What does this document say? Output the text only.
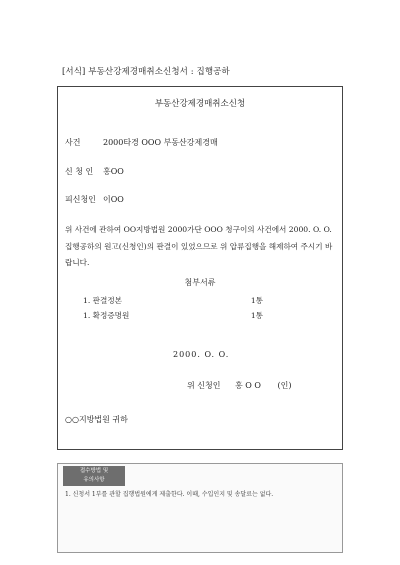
[서식] 부동산강제경매취소신청서 : 집행공하
부동산강제경매취소신청
사건	2000타경 OOO 부동산강제경매
신 청 인 홍OO
피신청인 이OO

위 사건에 관하여 OO지방법원 2000가단 OOO 청구이의 사건에서 2000. O. O.

집행공하의 원고(신청인)의 판결이 있었으므로 위 압류집행을 해제하여 주시기 바

랍니다.

첨부서류
1. 판결정본	1통
1. 확정증명원	1통
2000. O. O.
위 신청인 홍 O O (인)
○○지방법원 귀하
접수방법 및
유의사항
1. 신청서 1부를 관할 집행법원에게 제출한다. 이때, 수입인지 및 송달료는 없다.
